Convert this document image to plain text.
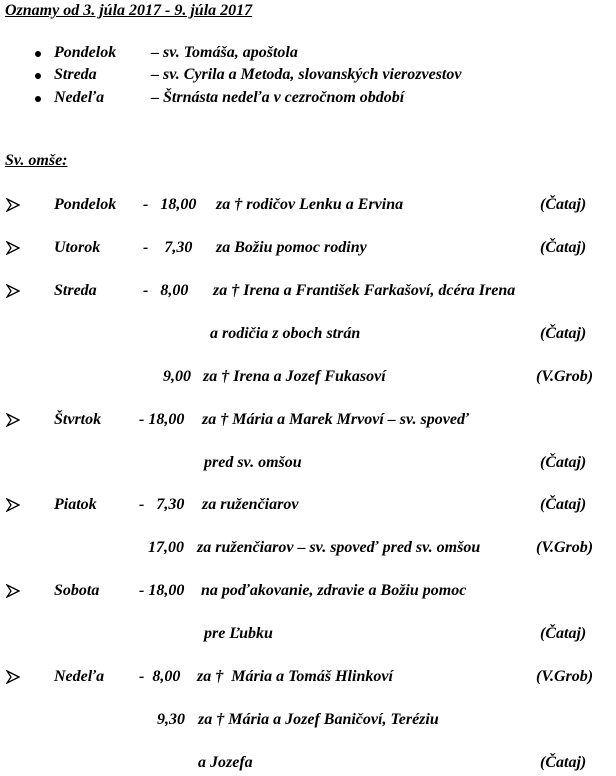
Oznamy od 3. júla 2017 - 9. júla 2017
Pondelok – sv. Tomáša, apoštola
Streda	– sv. Cyrila a Metoda, slovanských vierozvestov
Nedeľa	– Štrnásta nedeľa v cezročnom období
Sv. omše:
Pondelok -   18,00 za † rodičov Lenku a Ervina	(Čataj)
Utorok	-    7,30 za Božiu pomoc rodiny	(Čataj)
Streda	-   8,00 za † Irena a František Farkašoví, dcéra Irena
a rodičia z oboch strán	(Čataj)
9,00 za † Irena a Jozef Fukasoví	(V.Grob)
Štvrtok - 18,00 za † Mária a Marek Mrvoví – sv. spoveď
pred sv. omšou	(Čataj)
Piatok	-   7,30 za ruženčiarov	(Čataj)
17,00 za ruženčiarov – sv. spoveď pred sv. omšou	(V.Grob)
Sobota - 18,00 na poďakovanie, zdravie a Božiu pomoc
pre Ľubku	(Čataj)
Nedeľa -  8,00 za †  Mária a Tomáš Hlinkoví	(V.Grob)
9,30 za † Mária a Jozef Baničoví, Teréziu
a Jozefa	(Čataj)
